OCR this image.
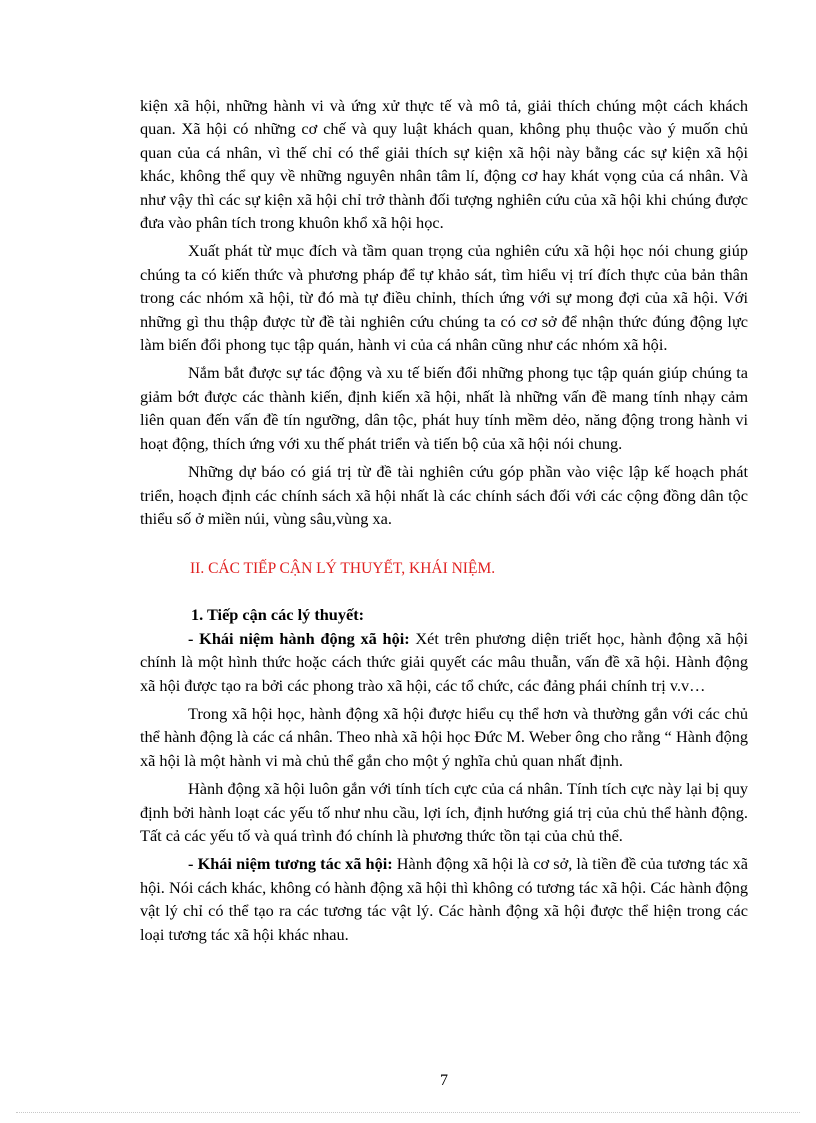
kiện xã hội, những hành vi và ứng xử thực tế và mô tả, giải thích chúng một cách khách quan. Xã hội có những cơ chế và quy luật khách quan, không phụ thuộc vào ý muốn chủ quan của cá nhân, vì thế chỉ có thể giải thích sự kiện xã hội này bằng các sự kiện xã hội khác, không thể quy về những nguyên nhân tâm lí, động cơ hay khát vọng của cá nhân. Và như vậy thì các sự kiện xã hội chỉ trở thành đối tượng nghiên cứu của xã hội khi chúng được đưa vào phân tích trong khuôn khổ xã hội học.

Xuất phát từ mục đích và tầm quan trọng của nghiên cứu xã hội học nói chung giúp chúng ta có kiến thức và phương pháp để tự khảo sát, tìm hiểu vị trí đích thực của bản thân trong các nhóm xã hội, từ đó mà tự điều chỉnh, thích ứng với sự mong đợi của xã hội. Với những gì thu thập được từ đề tài nghiên cứu chúng ta có cơ sở để nhận thức đúng động lực làm biến đổi phong tục tập quán, hành vi của cá nhân cũng như các nhóm xã hội.

Nắm bắt được sự tác động và xu tế biến đổi những phong tục tập quán giúp chúng ta giảm bớt được các thành kiến, định kiến xã hội, nhất là những vấn đề mang tính nhạy cảm liên quan đến vấn đề tín ngưỡng, dân tộc, phát huy tính mềm dẻo, năng động trong hành vi hoạt động, thích ứng với xu thế phát triển và tiến bộ của xã hội nói chung.

Những dự báo có giá trị từ đề tài nghiên cứu góp phần vào việc lập kế hoạch phát triển, hoạch định các chính sách xã hội nhất là các chính sách đối với các cộng đồng dân tộc thiểu số ở miền núi, vùng sâu,vùng xa.

II. CÁC TIẾP CẬN LÝ THUYẾT, KHÁI NIỆM.

1. Tiếp cận các lý thuyết:

- Khái niệm hành động xã hội: Xét trên phương diện triết học, hành động xã hội chính là một hình thức hoặc cách thức giải quyết các mâu thuẫn, vấn đề xã hội. Hành động xã hội được tạo ra bởi các phong trào xã hội, các tổ chức, các đảng phái chính trị v.v…

Trong xã hội học, hành động xã hội được hiểu cụ thể hơn và thường gắn với các chủ thể hành động là các cá nhân. Theo nhà xã hội học Đức M. Weber ông cho rằng “ Hành động xã hội là một hành vi mà chủ thể gắn cho một ý nghĩa chủ quan nhất định.

Hành động xã hội luôn gắn với tính tích cực của cá nhân. Tính tích cực này lại bị quy định bởi hành loạt các yếu tố như nhu cầu, lợi ích, định hướng giá trị của chủ thể hành động. Tất cả các yếu tố và quá trình đó chính là phương thức tồn tại của chủ thể.

- Khái niệm tương tác xã hội: Hành động xã hội là cơ sở, là tiền đề của tương tác xã hội. Nói cách khác, không có hành động xã hội thì không có tương tác xã hội. Các hành động vật lý chỉ có thể tạo ra các tương tác vật lý. Các hành động xã hội được thể hiện trong các loại tương tác xã hội khác nhau.

7
